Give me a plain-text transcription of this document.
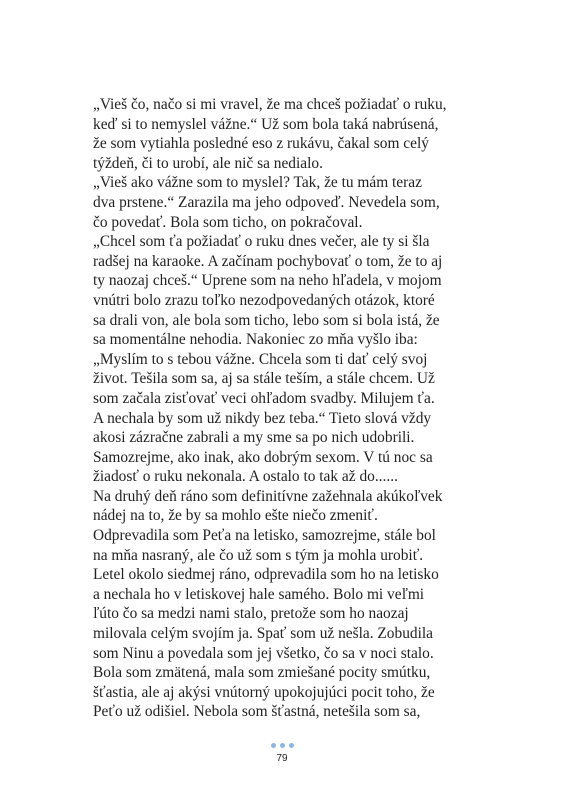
„Vieš čo, načo si mi vravel, že ma chceš požiadať o ruku,
keď si to nemyslel vážne.“ Už som bola taká nabrúsená,
že som vytiahla posledné eso z rukávu, čakal som celý
týždeň, či to urobí, ale nič sa nedialo.
„Vieš ako vážne som to myslel? Tak, že tu mám teraz
dva prstene.“ Zarazila ma jeho odpoveď. Nevedela som,
čo povedať. Bola som ticho, on pokračoval.
„Chcel som ťa požiadať o ruku dnes večer, ale ty si šla
radšej na karaoke. A začínam pochybovať o tom, že to aj
ty naozaj chceš.“ Uprene som na neho hľadela, v mojom
vnútri bolo zrazu toľko nezodpovedaných otázok, ktoré
sa drali von, ale bola som ticho, lebo som si bola istá, že
sa momentálne nehodia. Nakoniec zo mňa vyšlo iba:
„Myslím to s tebou vážne. Chcela som ti dať celý svoj
život. Tešila som sa, aj sa stále teším, a stále chcem. Už
som začala zisťovať veci ohľadom svadby. Milujem ťa.
A nechala by som už nikdy bez teba.“ Tieto slová vždy
akosi zázračne zabrali a my sme sa po nich udobrili.
Samozrejme, ako inak, ako dobrým sexom. V tú noc sa
žiadosť o ruku nekonala. A ostalo to tak až do......
Na druhý deň ráno som definitívne zažehnala akúkoľvek
nádej na to, že by sa mohlo ešte niečo zmeniť.
Odprevadila som Peťa na letisko, samozrejme, stále bol
na mňa nasraný, ale čo už som s tým ja mohla urobiť.
Letel okolo siedmej ráno, odprevadila som ho na letisko
a nechala ho v letiskovej hale samého. Bolo mi veľmi
ľúto čo sa medzi nami stalo, pretože som ho naozaj
milovala celým svojím ja. Spať som už nešla. Zobudila
som Ninu a povedala som jej všetko, čo sa v noci stalo.
Bola som zmätená, mala som zmiešané pocity smútku,
šťastia, ale aj akýsi vnútorný upokojujúci pocit toho, že
Peťo už odišiel. Nebola som šťastná, netešila som sa,
79
